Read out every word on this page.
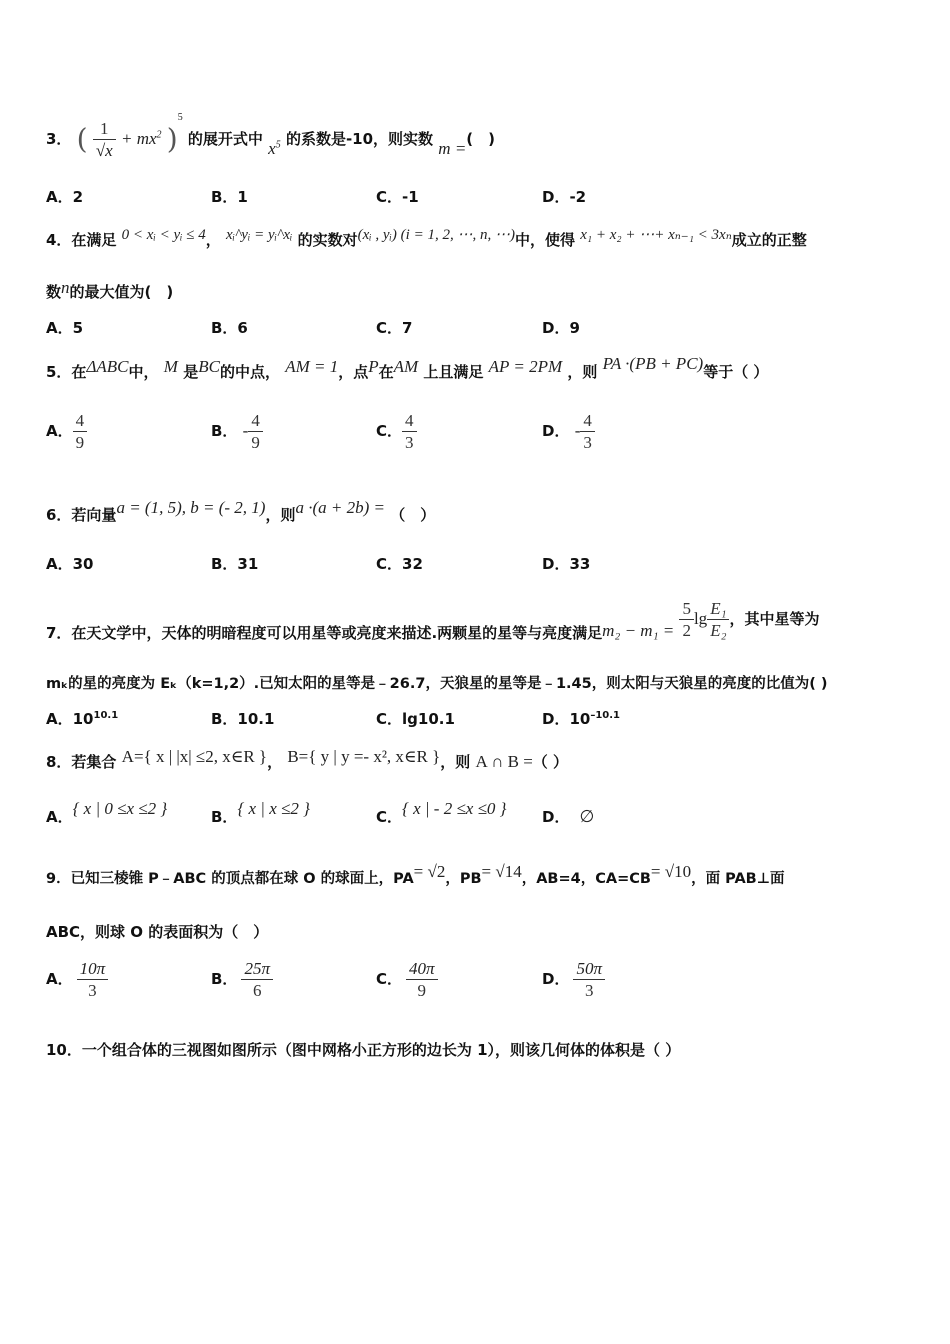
3． ( $\frac{1}{√x} + mx^2$ )$^5$ 的展开式中 $x^5$ 的系数是-10，则实数 m =(　)
A．2	B．1	C．-1	D．-2
4．在满足 0 < xᵢ < yᵢ ≤ 4， xᵢ^yᵢ = yᵢ^xᵢ 的实数对(xᵢ , yᵢ) (i = 1, 2, ⋯, n, ⋯)中，使得 x₁ + x₂ + ⋯+ xₙ₋₁ < 3xₙ成立的正整
数n的最大值为(　)
A．5	B．6	C．7	D．9
5．在ΔABC中， M 是BC的中点， AM = 1，点P在AM 上且满足 AP = 2PM ，则 PA ·(PB + PC)等于（ ）
A． $\frac{4}{9}$	B． - $\frac{4}{9}$	C． $\frac{4}{3}$	D． - $\frac{4}{3}$
6．若向量a = (1, 5), b = (- 2, 1)，则a ·(a + 2b) = （　）
A．30	B．31	C．32	D．33
7．在天文学中，天体的明暗程度可以用星等或亮度来描述.两颗星的星等与亮度满足$m_2 - m_1 = \frac{5}{2}$ $\lg \frac{\text{E₁}}{\text{E₂}}$ ，其中星等为
mₖ的星的亮度为 Eₖ（k=1,2）.已知太阳的星等是﹣26.7，天狼星的星等是﹣1.45，则太阳与天狼星的亮度的比值为( )
A．$10^{10.1}$	B．10.1	C．lg10.1	D．$10^{-10.1}$
8．若集合 A={ x | |x| ≤2, x∈R }， B={ y | y =- x², x∈R }，则 A ∩ B =（ ）
A．{ x | 0 ≤x ≤2 }	B．{ x | x ≤2 }	C．{ x | - 2 ≤x ≤0 } D． ∅
9．已知三棱锥 P﹣ABC 的顶点都在球 O 的球面上，PA= √2，PB= √14，AB=4，CA=CB= √10，面 PAB⊥面
ABC，则球 O 的表面积为（　）
A． $\frac{10\pi}{3}$	B． $\frac{25\pi}{6}$	C． $\frac{40\pi}{9}$	D． $\frac{50\pi}{3}$
10．一个组合体的三视图如图所示（图中网格小正方形的边长为 1），则该几何体的体积是（ ）
